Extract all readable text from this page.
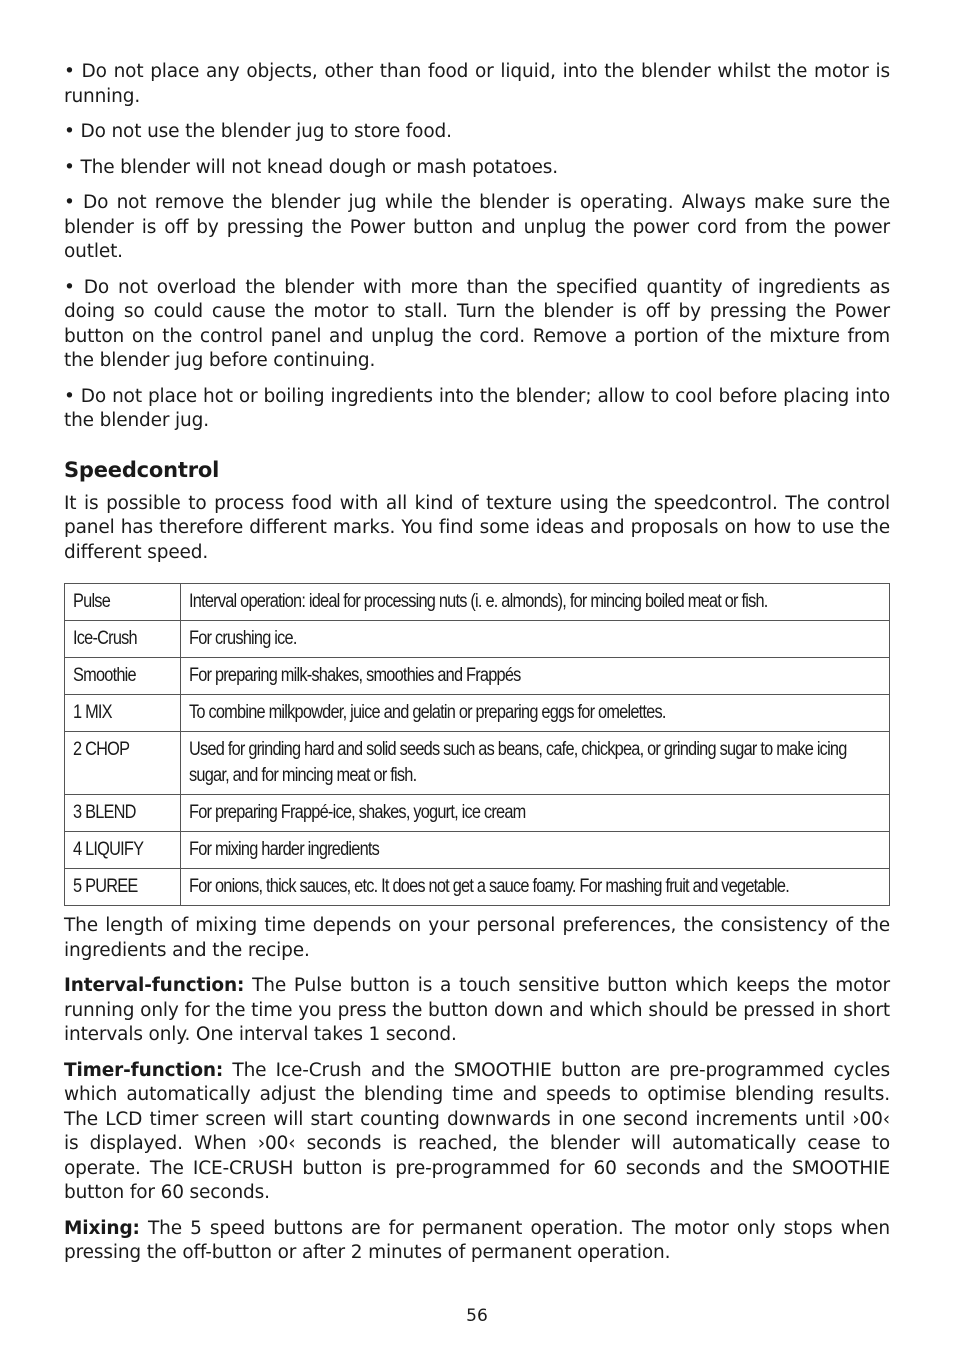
• Do not place any objects, other than food or liquid, into the blender whilst the motor is running.

• Do not use the blender jug to store food.

• The blender will not knead dough or mash potatoes.

• Do not remove the blender jug while the blender is operating. Always make sure the blender is off by pressing the Power button and unplug the power cord from the power outlet.

• Do not overload the blender with more than the specified quantity of ingredients as doing so could cause the motor to stall. Turn the blender is off by pressing the Power button on the control panel and unplug the cord. Remove a portion of the mixture from the blender jug before continuing.

• Do not place hot or boiling ingredients into the blender; allow to cool before placing into the blender jug.

Speedcontrol

It is possible to process food with all kind of texture using the speedcontrol. The control panel has therefore different marks. You find some ideas and proposals on how to use the different speed.

Pulse	Interval operation: ideal for processing nuts (i. e. almonds), for mincing boiled meat or fish.
Ice-Crush	For crushing ice.
Smoothie	For preparing milk-shakes, smoothies and Frappés
1 MIX	To combine milkpowder, juice and gelatin or preparing eggs for omelettes.
2 CHOP	Used for grinding hard and solid seeds such as beans, cafe, chickpea, or grinding sugar to make icing sugar, and for mincing meat or fish.
3 BLEND	For preparing Frappé-ice, shakes, yogurt, ice cream
4 LIQUIFY	For mixing harder ingredients
5 PUREE	For onions, thick sauces, etc. It does not get a sauce foamy. For mashing fruit and vegetable.

The length of mixing time depends on your personal preferences, the consistency of the ingredients and the recipe.

Interval-function: The Pulse button is a touch sensitive button which keeps the motor running only for the time you press the button down and which should be pressed in short intervals only. One interval takes 1 second.

Timer-function: The Ice-Crush and the SMOOTHIE button are pre-programmed cycles which automatically adjust the blending time and speeds to optimise blending results. The LCD timer screen will start counting downwards in one second increments until ›00‹ is displayed. When ›00‹ seconds is reached, the blender will automatically cease to operate. The ICE-CRUSH button is pre-programmed for 60 seconds and the SMOOTHIE button for 60 seconds.

Mixing: The 5 speed buttons are for permanent operation. The motor only stops when pressing the off-button or after 2 minutes of permanent operation.

56
